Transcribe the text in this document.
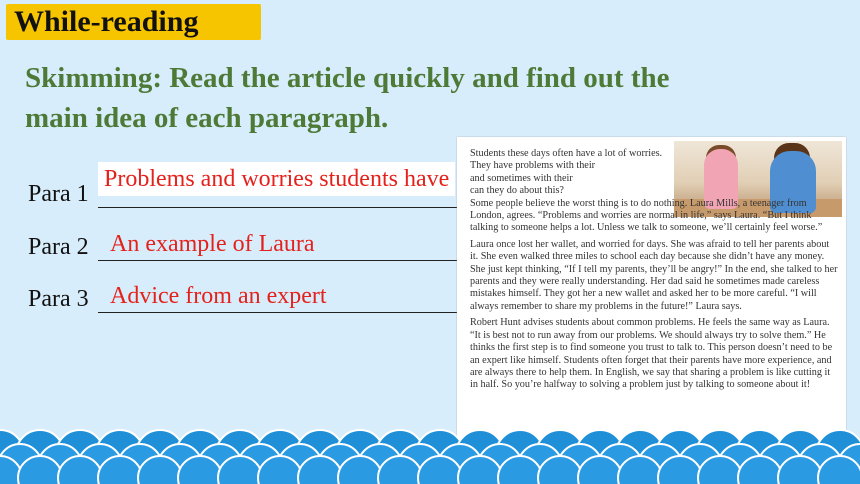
While-reading
Skimming: Read the article quickly and find out the main idea of each paragraph.
Para 1
Problems and worries students have
Para 2 An example of Laura
Para 3 Advice from an expert

Students these days often have a lot of worries.
They have problems with their
and sometimes with their
can they do about this?

Some people believe the worst thing is to do nothing. Laura Mills, a teenager from London, agrees. “Problems and worries are normal in life,” says Laura. “But I think talking to someone helps a lot. Unless we talk to someone, we’ll certainly feel worse.”

Laura once lost her wallet, and worried for days. She was afraid to tell her parents about it. She even walked three miles to school each day because she didn’t have any money. She just kept thinking, “If I tell my parents, they’ll be angry!” In the end, she talked to her parents and they were really understanding. Her dad said he sometimes made careless mistakes himself. They got her a new wallet and asked her to be more careful. “I will always remember to share my problems in the future!” Laura says.

Robert Hunt advises students about common problems. He feels the same way as Laura. “It is best not to run away from our problems. We should always try to solve them.” He thinks the first step is to find someone you trust to talk to. This person doesn’t need to be an expert like himself. Students often forget that their parents have more experience, and are always there to help them. In English, we say that sharing a problem is like cutting it in half. So you’re halfway to solving a problem just by talking to someone about it!
